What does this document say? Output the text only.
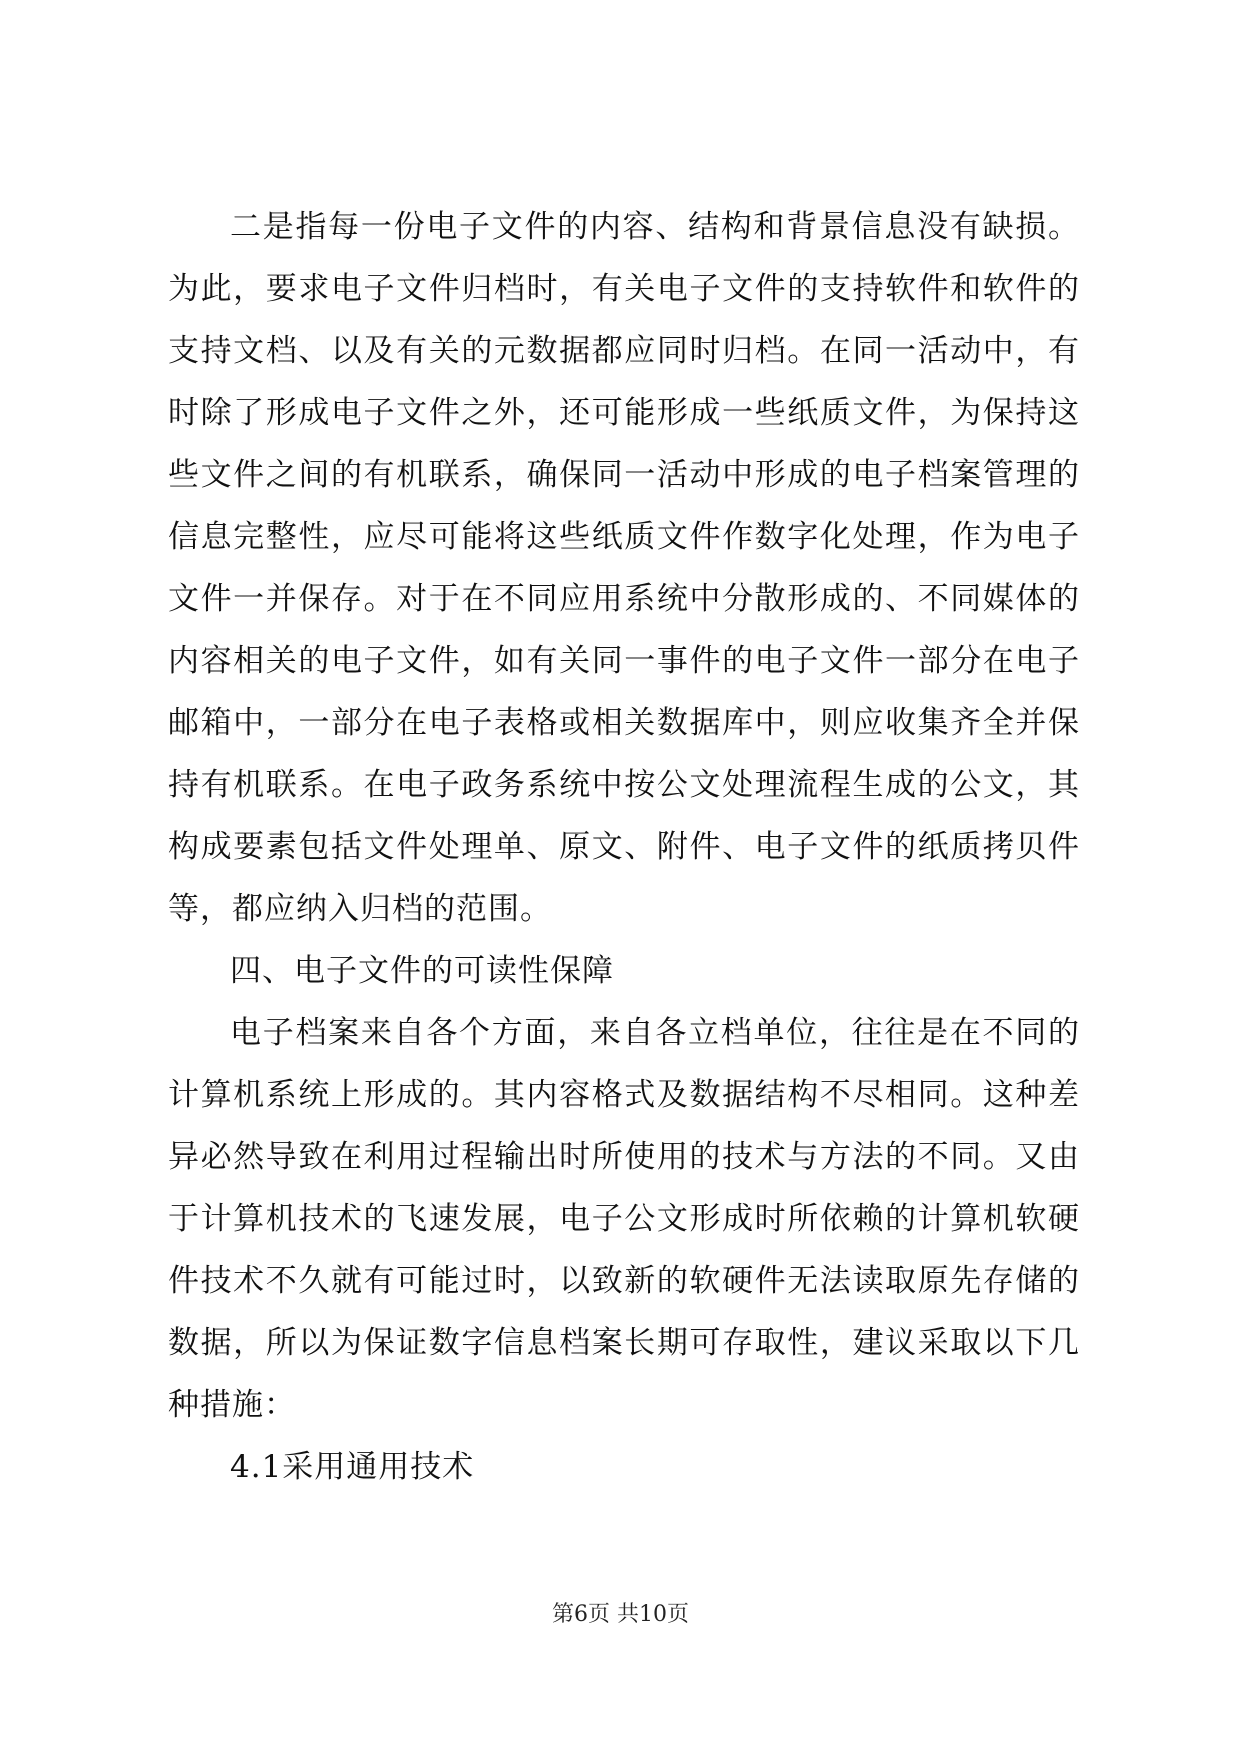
二是指每一份电子文件的内容、结构和背景信息没有缺损。为此，要求电子文件归档时，有关电子文件的支持软件和软件的支持文档、以及有关的元数据都应同时归档。在同一活动中，有时除了形成电子文件之外，还可能形成一些纸质文件，为保持这些文件之间的有机联系，确保同一活动中形成的电子档案管理的信息完整性，应尽可能将这些纸质文件作数字化处理，作为电子文件一并保存。对于在不同应用系统中分散形成的、不同媒体的内容相关的电子文件，如有关同一事件的电子文件一部分在电子邮箱中，一部分在电子表格或相关数据库中，则应收集齐全并保持有机联系。在电子政务系统中按公文处理流程生成的公文，其构成要素包括文件处理单、原文、附件、电子文件的纸质拷贝件等，都应纳入归档的范围。

四、电子文件的可读性保障

电子档案来自各个方面，来自各立档单位，往往是在不同的计算机系统上形成的。其内容格式及数据结构不尽相同。这种差异必然导致在利用过程输出时所使用的技术与方法的不同。又由于计算机技术的飞速发展，电子公文形成时所依赖的计算机软硬件技术不久就有可能过时，以致新的软硬件无法读取原先存储的数据，所以为保证数字信息档案长期可存取性，建议采取以下几种措施：

4.1采用通用技术

第6页 共10页
